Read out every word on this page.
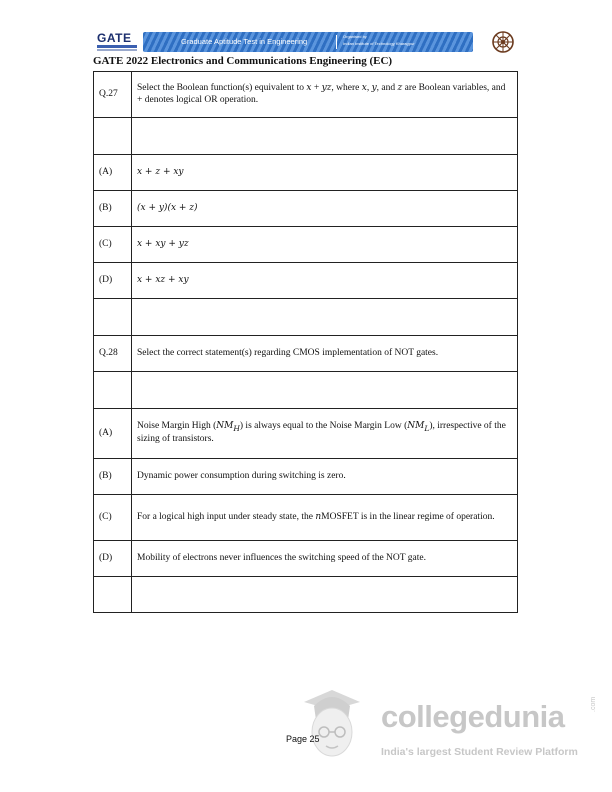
GATE	Graduate Aptitude Test in Engineering
Organised by
Indian Institute of Technology Kharagpur
GATE 2022 Electronics and Communications Engineering (EC)
Q.27	Select the Boolean function(s) equivalent to x + yz, where x, y, and z are Boolean variables, and + denotes logical OR operation.

(A)	x + z + xy
(B)	(x + y)(x + z)
(C)	x + xy + yz
(D)	x + xz + xy

Q.28	Select the correct statement(s) regarding CMOS implementation of NOT gates.

(A)	Noise Margin High $(NM_H)$ is always equal to the Noise Margin Low $(NM_L)$, irrespective of the sizing of transistors.
(B)	Dynamic power consumption during switching is zero.
(C)	For a logical high input under steady state, the nMOSFET is in the linear regime of operation.
(D)	Mobility of electrons never influences the switching speed of the NOT gate.

Page 25
collegedunia	.com
India's largest Student Review Platform
